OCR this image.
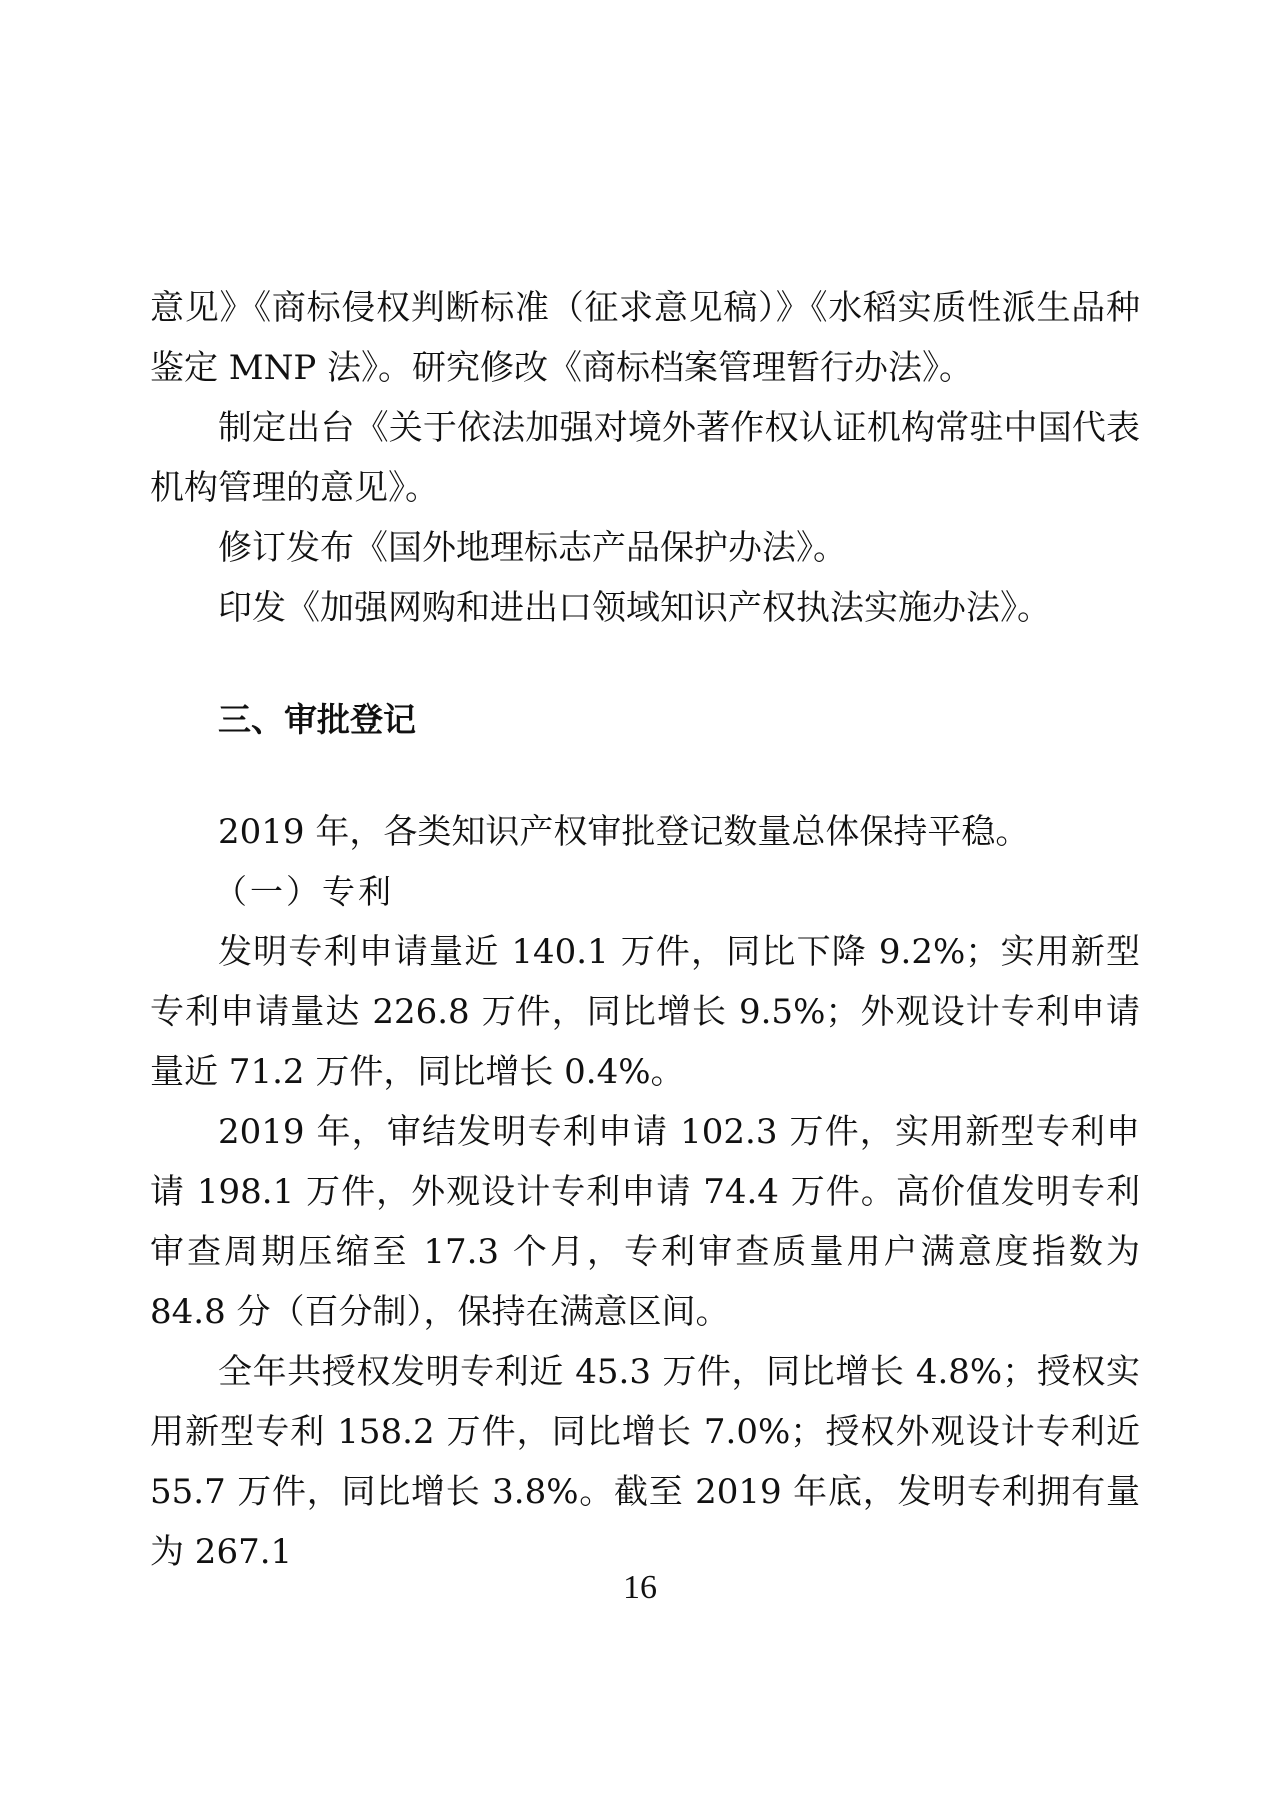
意见》《商标侵权判断标准（征求意见稿）》《水稻实质性派生品种鉴定 MNP 法》。研究修改《商标档案管理暂行办法》。

制定出台《关于依法加强对境外著作权认证机构常驻中国代表机构管理的意见》。

修订发布《国外地理标志产品保护办法》。

印发《加强网购和进出口领域知识产权执法实施办法》。

三、审批登记

2019 年，各类知识产权审批登记数量总体保持平稳。

（一）专利

发明专利申请量近 140.1 万件，同比下降 9.2%；实用新型专利申请量达 226.8 万件，同比增长 9.5%；外观设计专利申请量近 71.2 万件，同比增长 0.4%。

2019 年，审结发明专利申请 102.3 万件，实用新型专利申请 198.1 万件，外观设计专利申请 74.4 万件。高价值发明专利审查周期压缩至 17.3 个月，专利审查质量用户满意度指数为 84.8 分（百分制），保持在满意区间。

全年共授权发明专利近 45.3 万件，同比增长 4.8%；授权实用新型专利 158.2 万件，同比增长 7.0%；授权外观设计专利近 55.7 万件，同比增长 3.8%。截至 2019 年底，发明专利拥有量为 267.1

16
